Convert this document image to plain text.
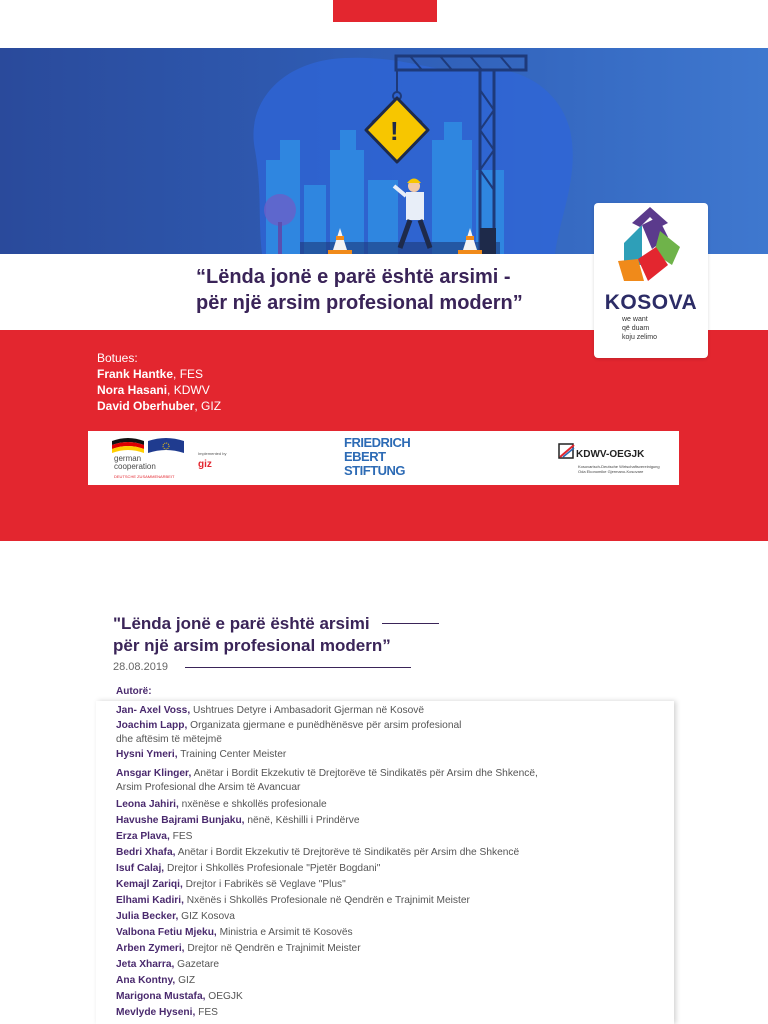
!
“Lënda jonë e parë është arsimi -
për një arsim profesional modern”	KOSOVA
we want
që duam
koju zelimo
Botues:
Frank Hantke, FES
Nora Hasani, KDWV
David Oberhuber, GIZ
german
cooperation
DEUTSCHE ZUSAMMENARBEIT
Implemented by
giz
FRIEDRICH
EBERT
STIFTUNG
KDWV-OEGJK
Kosovarisch-Deutsche Wirtschaftsvereinigung
Oda Ekonomike Gjermano-Kosovare
"Lënda jonë e parë është arsimi
për një arsim profesional modern”
28.08.2019
Autorë:
Jan- Axel Voss, Ushtrues Detyre i Ambasadorit Gjerman në Kosovë
Joachim Lapp, Organizata gjermane e punëdhënësve për arsim profesional
dhe aftësim të mëtejmë
Hysni Ymeri, Training Center Meister
Ansgar Klinger, Anëtar i Bordit Ekzekutiv të Drejtorëve të Sindikatës për Arsim dhe Shkencë,
Arsim Profesional dhe Arsim të Avancuar
Leona Jahiri, nxënëse e shkollës profesionale
Havushe Bajrami Bunjaku, nënë, Këshilli i Prindërve
Erza Plava, FES
Bedri Xhafa, Anëtar i Bordit Ekzekutiv të Drejtorëve të Sindikatës për Arsim dhe Shkencë
Isuf Calaj, Drejtor i Shkollës Profesionale "Pjetër Bogdani"
Kemajl Zariqi, Drejtor i Fabrikës së Veglave "Plus"
Elhami Kadiri, Nxënës i Shkollës Profesionale në Qendrën e Trajnimit Meister
Julia Becker, GIZ Kosova
Valbona Fetiu Mjeku, Ministria e Arsimit të Kosovës
Arben Zymeri, Drejtor në Qendrën e Trajnimit Meister
Jeta Xharra, Gazetare
Ana Kontny, GIZ
Marigona Mustafa, OEGJK
Mevlyde Hyseni, FES
